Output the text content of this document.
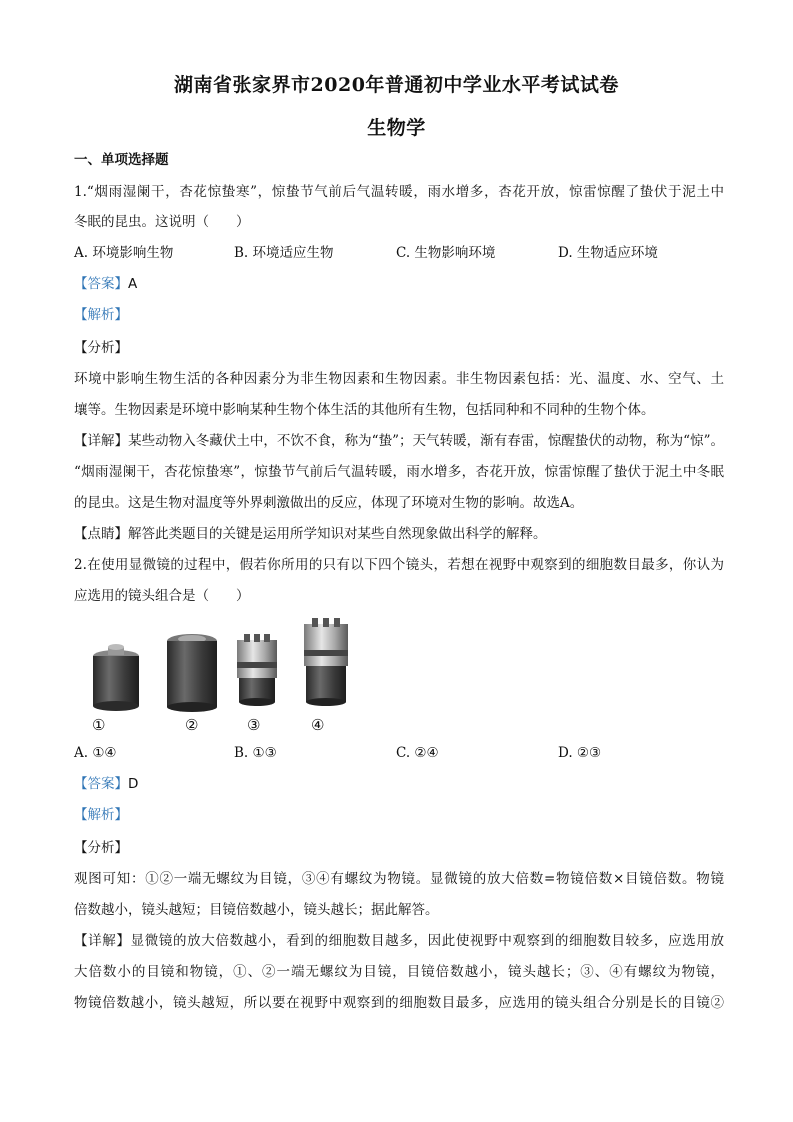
湖南省张家界市2020年普通初中学业水平考试试卷
生物学
一、单项选择题
1.“烟雨湿阑干，杏花惊蛰寒”，惊蛰节气前后气温转暖，雨水增多，杏花开放，惊雷惊醒了蛰伏于泥土中
冬眠的昆虫。这说明（　　）
A. 环境影响生物	B. 环境适应生物	C. 生物影响环境	D. 生物适应环境
【答案】A
【解析】
【分析】
环境中影响生物生活的各种因素分为非生物因素和生物因素。非生物因素包括：光、温度、水、空气、土
壤等。生物因素是环境中影响某种生物个体生活的其他所有生物，包括同种和不同种的生物个体。
【详解】某些动物入冬藏伏土中，不饮不食，称为“蛰”；天气转暖，渐有春雷，惊醒蛰伏的动物，称为“惊”。
“烟雨湿阑干，杏花惊蛰寒”，惊蛰节气前后气温转暖，雨水增多，杏花开放，惊雷惊醒了蛰伏于泥土中冬眠
的昆虫。这是生物对温度等外界刺激做出的反应，体现了环境对生物的影响。故选A。
【点睛】解答此类题目的关键是运用所学知识对某些自然现象做出科学的解释。
2.在使用显微镜的过程中，假若你所用的只有以下四个镜头，若想在视野中观察到的细胞数目最多，你认为
应选用的镜头组合是（　　）
①	②	③	④
A. ①④	B. ①③	C. ②④	D. ②③
【答案】D
【解析】
【分析】
观图可知：①②一端无螺纹为目镜，③④有螺纹为物镜。显微镜的放大倍数=物镜倍数×目镜倍数。物镜
倍数越小，镜头越短；目镜倍数越小，镜头越长；据此解答。
【详解】显微镜的放大倍数越小，看到的细胞数目越多，因此使视野中观察到的细胞数目较多，应选用放
大倍数小的目镜和物镜，①、②一端无螺纹为目镜，目镜倍数越小，镜头越长；③、④有螺纹为物镜，
物镜倍数越小，镜头越短，所以要在视野中观察到的细胞数目最多，应选用的镜头组合分别是长的目镜②
